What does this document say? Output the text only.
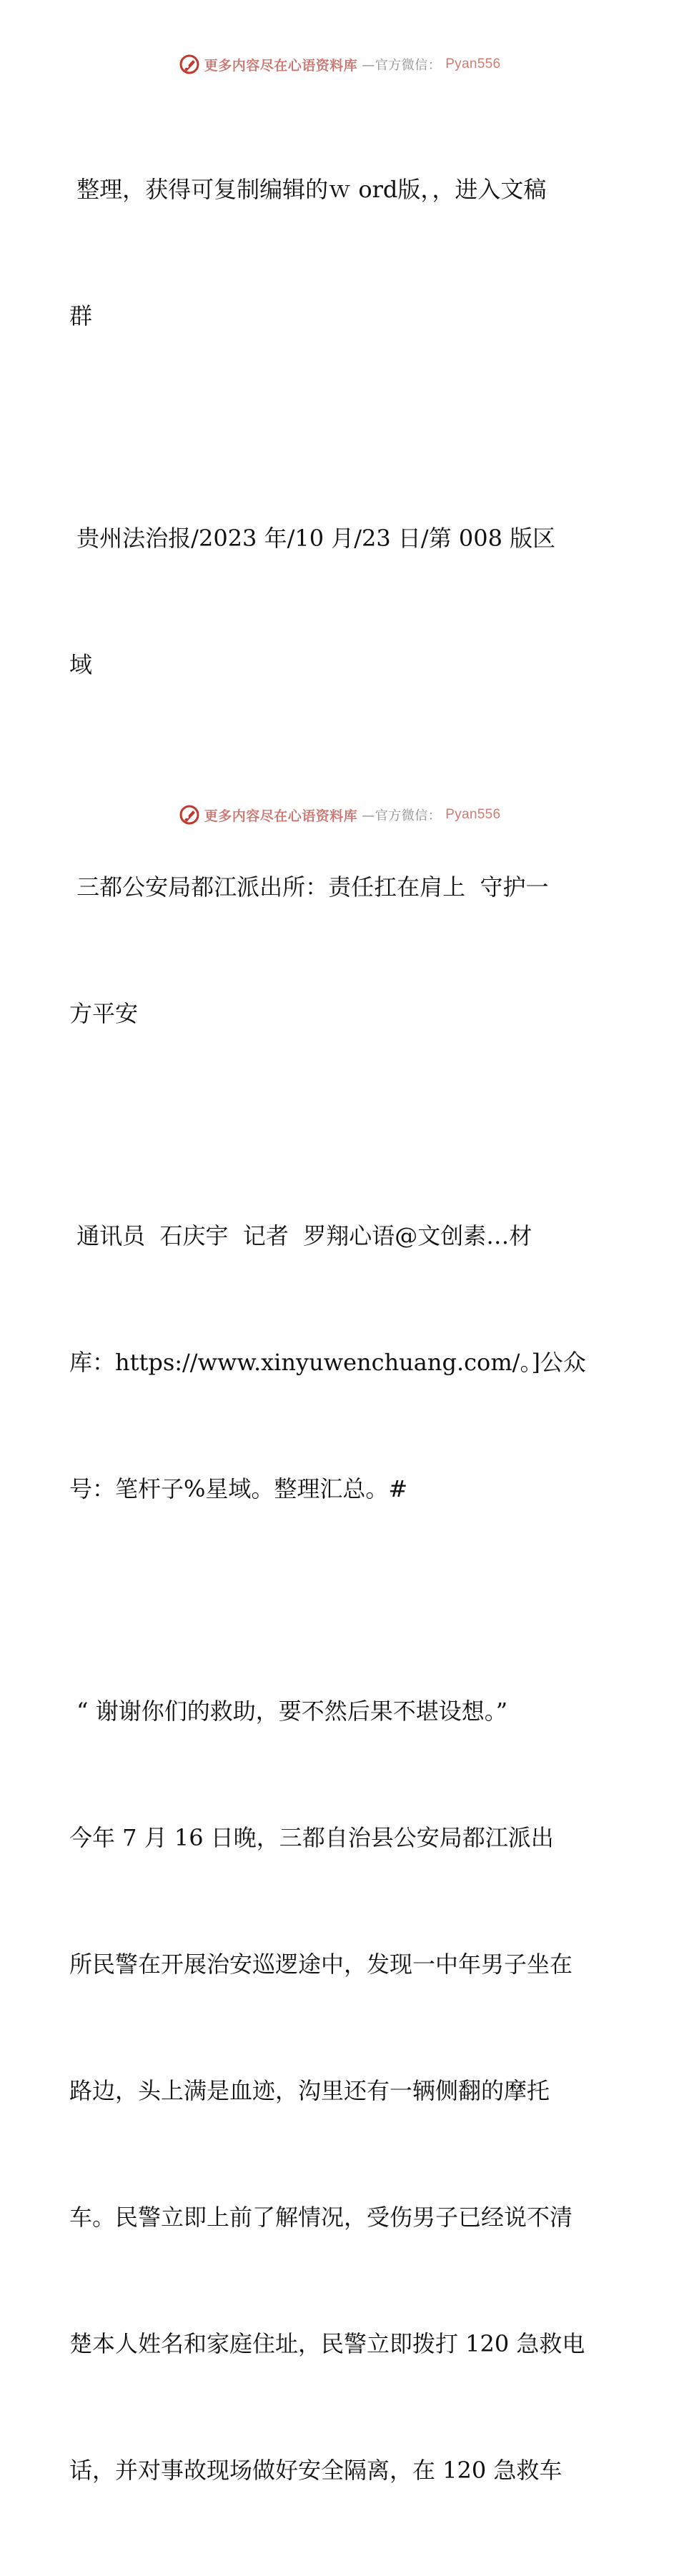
更多内容尽在心语资料库 —官方微信： Pyan556

整理，获得可复制编辑的ｗ ord版，，进入文稿

群

贵州法治报/2023 年/10 月/23 日/第 008 版区

域

三都公安局都江派出所：责任扛在肩上  守护一

方平安

通讯员  石庆宇  记者  罗翔心语@文创素…材

库：https://www.xinyuwenchuang.com/。]公众

号：笔杆子%星域。整理汇总。#

“ 谢谢你们的救助，要不然后果不堪设想。”

今年 7 月 16 日晚，三都自治县公安局都江派出

所民警在开展治安巡逻途中，发现一中年男子坐在

路边，头上满是血迹，沟里还有一辆侧翻的摩托

车。民警立即上前了解情况，受伤男子已经说不清

楚本人姓名和家庭住址，民警立即拨打 120 急救电

话，并对事故现场做好安全隔离，在 120 急救车

更多内容尽在心语资料库 —官方微信： Pyan556
